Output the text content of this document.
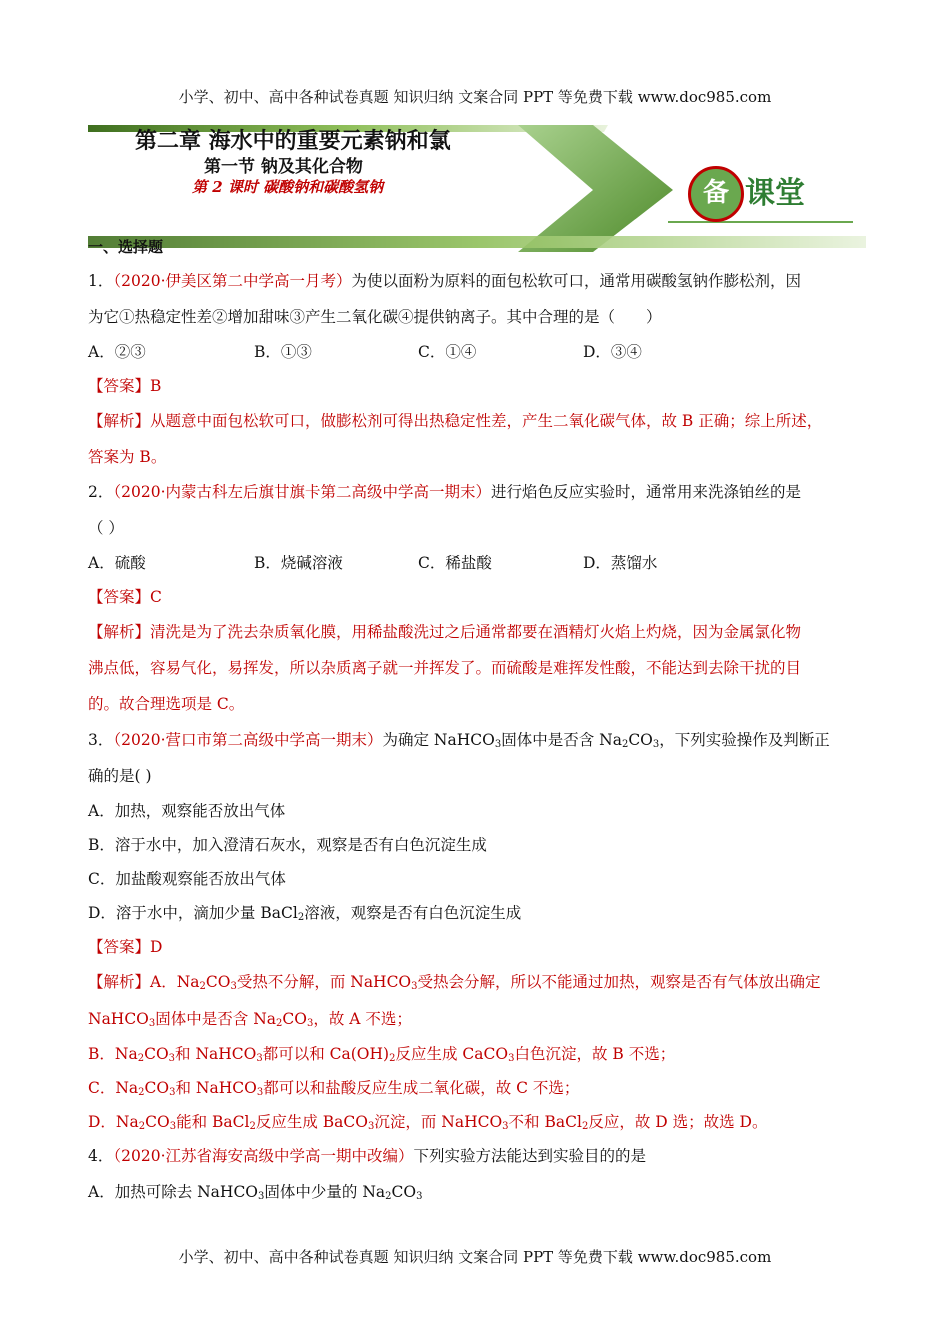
小学、初中、高中各种试卷真题 知识归纳 文案合同 PPT 等免费下载 www.doc985.com
第二章 海水中的重要元素钠和氯
第一节 钠及其化合物
第 2 课时 碳酸钠和碳酸氢钠	备 课堂
一、选择题
1．（2020·伊美区第二中学高一月考）为使以面粉为原料的面包松软可口，通常用碳酸氢钠作膨松剂，因
为它①热稳定性差②增加甜味③产生二氧化碳④提供钠离子。其中合理的是（　　）
A．②③	B．①③	C．①④	D．③④
【答案】B
【解析】从题意中面包松软可口，做膨松剂可得出热稳定性差，产生二氧化碳气体，故 B 正确；综上所述，
答案为 B。
2．（2020·内蒙古科左后旗甘旗卡第二高级中学高一期末）进行焰色反应实验时，通常用来洗涤铂丝的是
（ ）
A．硫酸	B．烧碱溶液	C．稀盐酸	D．蒸馏水
【答案】C
【解析】清洗是为了洗去杂质氧化膜，用稀盐酸洗过之后通常都要在酒精灯火焰上灼烧，因为金属氯化物
沸点低，容易气化，易挥发，所以杂质离子就一并挥发了。而硫酸是难挥发性酸，不能达到去除干扰的目
的。故合理选项是 C。
3．（2020·营口市第二高级中学高一期末）为确定 NaHCO$_3$固体中是否含 $Na_2CO_3$，下列实验操作及判断正
确的是( )
A．加热，观察能否放出气体
B．溶于水中，加入澄清石灰水，观察是否有白色沉淀生成
C．加盐酸观察能否放出气体
D．溶于水中，滴加少量 BaCl$_2$溶液，观察是否有白色沉淀生成
【答案】D
【解析】A．$Na_2CO_3$受热不分解，而 NaHCO$_3$受热会分解，所以不能通过加热，观察是否有气体放出确定
NaHCO$_3$固体中是否含 $Na_2CO_3$，故 A 不选；
B．$Na_2CO_3$和 NaHCO$_3$都可以和 $Ca(OH)_2$反应生成 CaCO$_3$白色沉淀，故 B 不选；
C．$Na_2CO_3$和 NaHCO$_3$都可以和盐酸反应生成二氧化碳，故 C 不选；
D．$Na_2CO_3$能和 BaCl$_2$反应生成 BaCO$_3$沉淀，而 NaHCO$_3$不和 BaCl$_2$反应，故 D 选；故选 D。
4．（2020·江苏省海安高级中学高一期中改编）下列实验方法能达到实验目的的是
A．加热可除去 NaHCO$_3$固体中少量的 $Na_2CO_3$
小学、初中、高中各种试卷真题 知识归纳 文案合同 PPT 等免费下载 www.doc985.com
